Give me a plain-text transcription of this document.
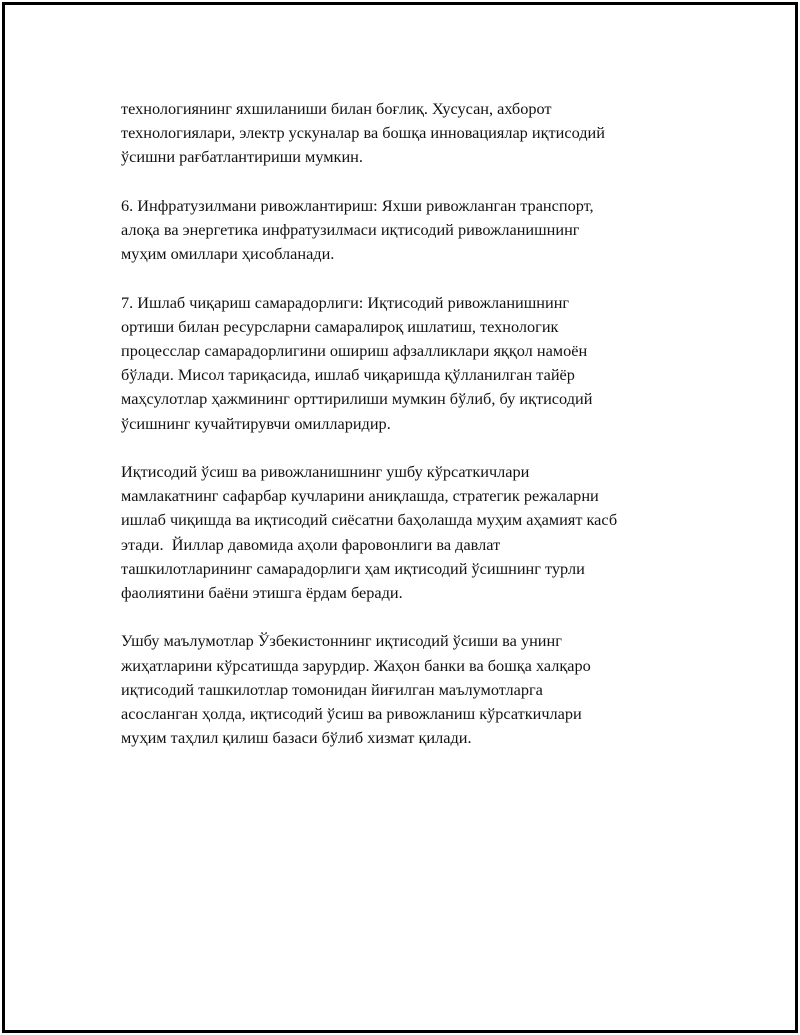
технологиянинг яхшиланиши билан боғлиқ. Хусусан, ахборот
технологиялари, электр ускуналар ва бошқа инновациялар иқтисодий
ўсишни рағбатлантириши мумкин.

6. Инфратузилмани ривожлантириш: Яхши ривожланган транспорт,
алоқа ва энергетика инфратузилмаси иқтисодий ривожланишнинг
муҳим омиллари ҳисобланади.

7. Ишлаб чиқариш самарадорлиги: Иқтисодий ривожланишнинг
ортиши билан ресурсларни самаралироқ ишлатиш, технологик
процесслар самарадорлигини ошириш афзалликлари яққол намоён
бўлади. Мисол тариқасида, ишлаб чиқаришда қўлланилган тайёр
маҳсулотлар ҳажмининг орттирилиши мумкин бўлиб, бу иқтисодий
ўсишнинг кучайтирувчи омилларидир.

Иқтисодий ўсиш ва ривожланишнинг ушбу кўрсаткичлари
мамлакатнинг сафарбар кучларини аниқлашда, стратегик режаларни
ишлаб чиқишда ва иқтисодий сиёсатни баҳолашда муҳим аҳамият касб
этади.  Йиллар давомида аҳоли фаровонлиги ва давлат
ташкилотларининг самарадорлиги ҳам иқтисодий ўсишнинг турли
фаолиятини баёни этишга ёрдам беради.

Ушбу маълумотлар Ўзбекистоннинг иқтисодий ўсиши ва унинг
жиҳатларини кўрсатишда зарурдир. Жаҳон банки ва бошқа халқаро
иқтисодий ташкилотлар томонидан йиғилган маълумотларга
асосланган ҳолда, иқтисодий ўсиш ва ривожланиш кўрсаткичлари
муҳим таҳлил қилиш базаси бўлиб хизмат қилади.
